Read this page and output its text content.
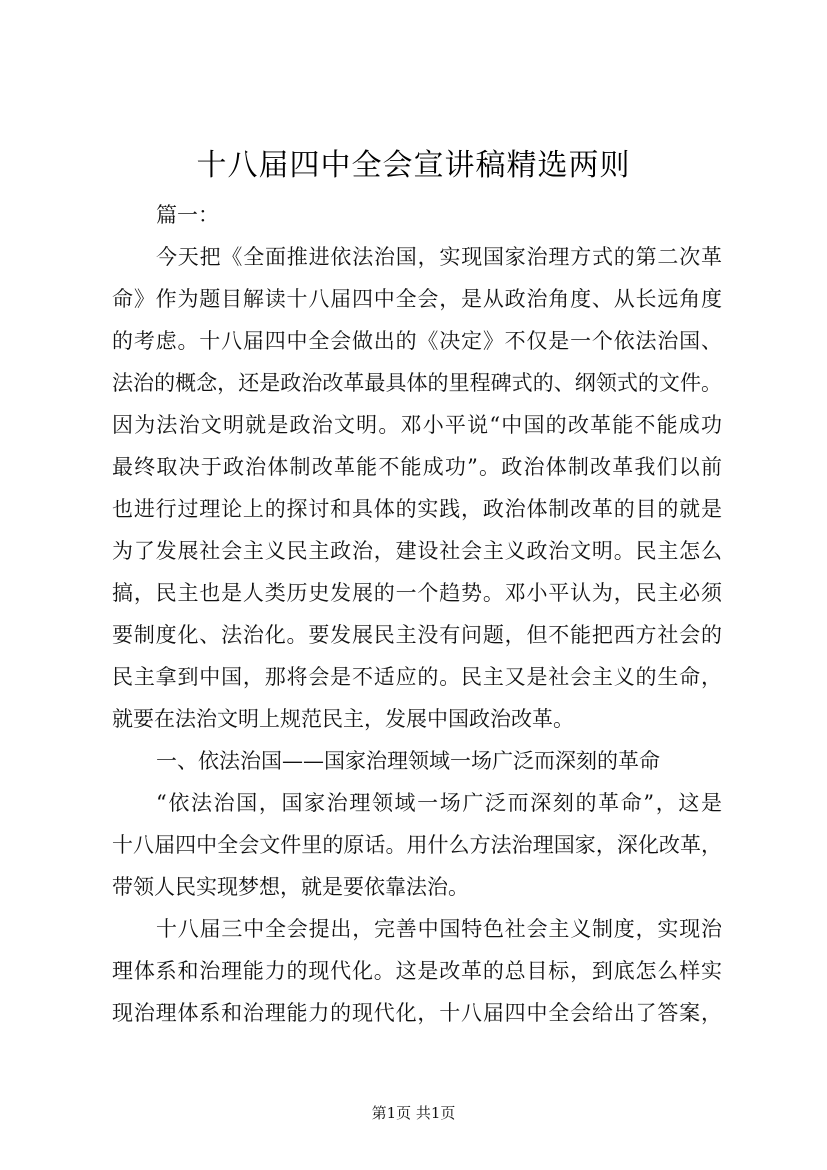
十八届四中全会宣讲稿精选两则
篇一：
今天把《全面推进依法治国，实现国家治理方式的第二次革
命》作为题目解读十八届四中全会，是从政治角度、从长远角度
的考虑。十八届四中全会做出的《决定》不仅是一个依法治国、
法治的概念，还是政治改革最具体的里程碑式的、纲领式的文件。
因为法治文明就是政治文明。邓小平说“中国的改革能不能成功
最终取决于政治体制改革能不能成功”。政治体制改革我们以前
也进行过理论上的探讨和具体的实践，政治体制改革的目的就是
为了发展社会主义民主政治，建设社会主义政治文明。民主怎么
搞，民主也是人类历史发展的一个趋势。邓小平认为，民主必须
要制度化、法治化。要发展民主没有问题，但不能把西方社会的
民主拿到中国，那将会是不适应的。民主又是社会主义的生命，
就要在法治文明上规范民主，发展中国政治改革。
一、依法治国——国家治理领域一场广泛而深刻的革命
“依法治国，国家治理领域一场广泛而深刻的革命”，这是
十八届四中全会文件里的原话。用什么方法治理国家，深化改革，
带领人民实现梦想，就是要依靠法治。
十八届三中全会提出，完善中国特色社会主义制度，实现治
理体系和治理能力的现代化。这是改革的总目标，到底怎么样实
现治理体系和治理能力的现代化，十八届四中全会给出了答案，
第1页 共1页
